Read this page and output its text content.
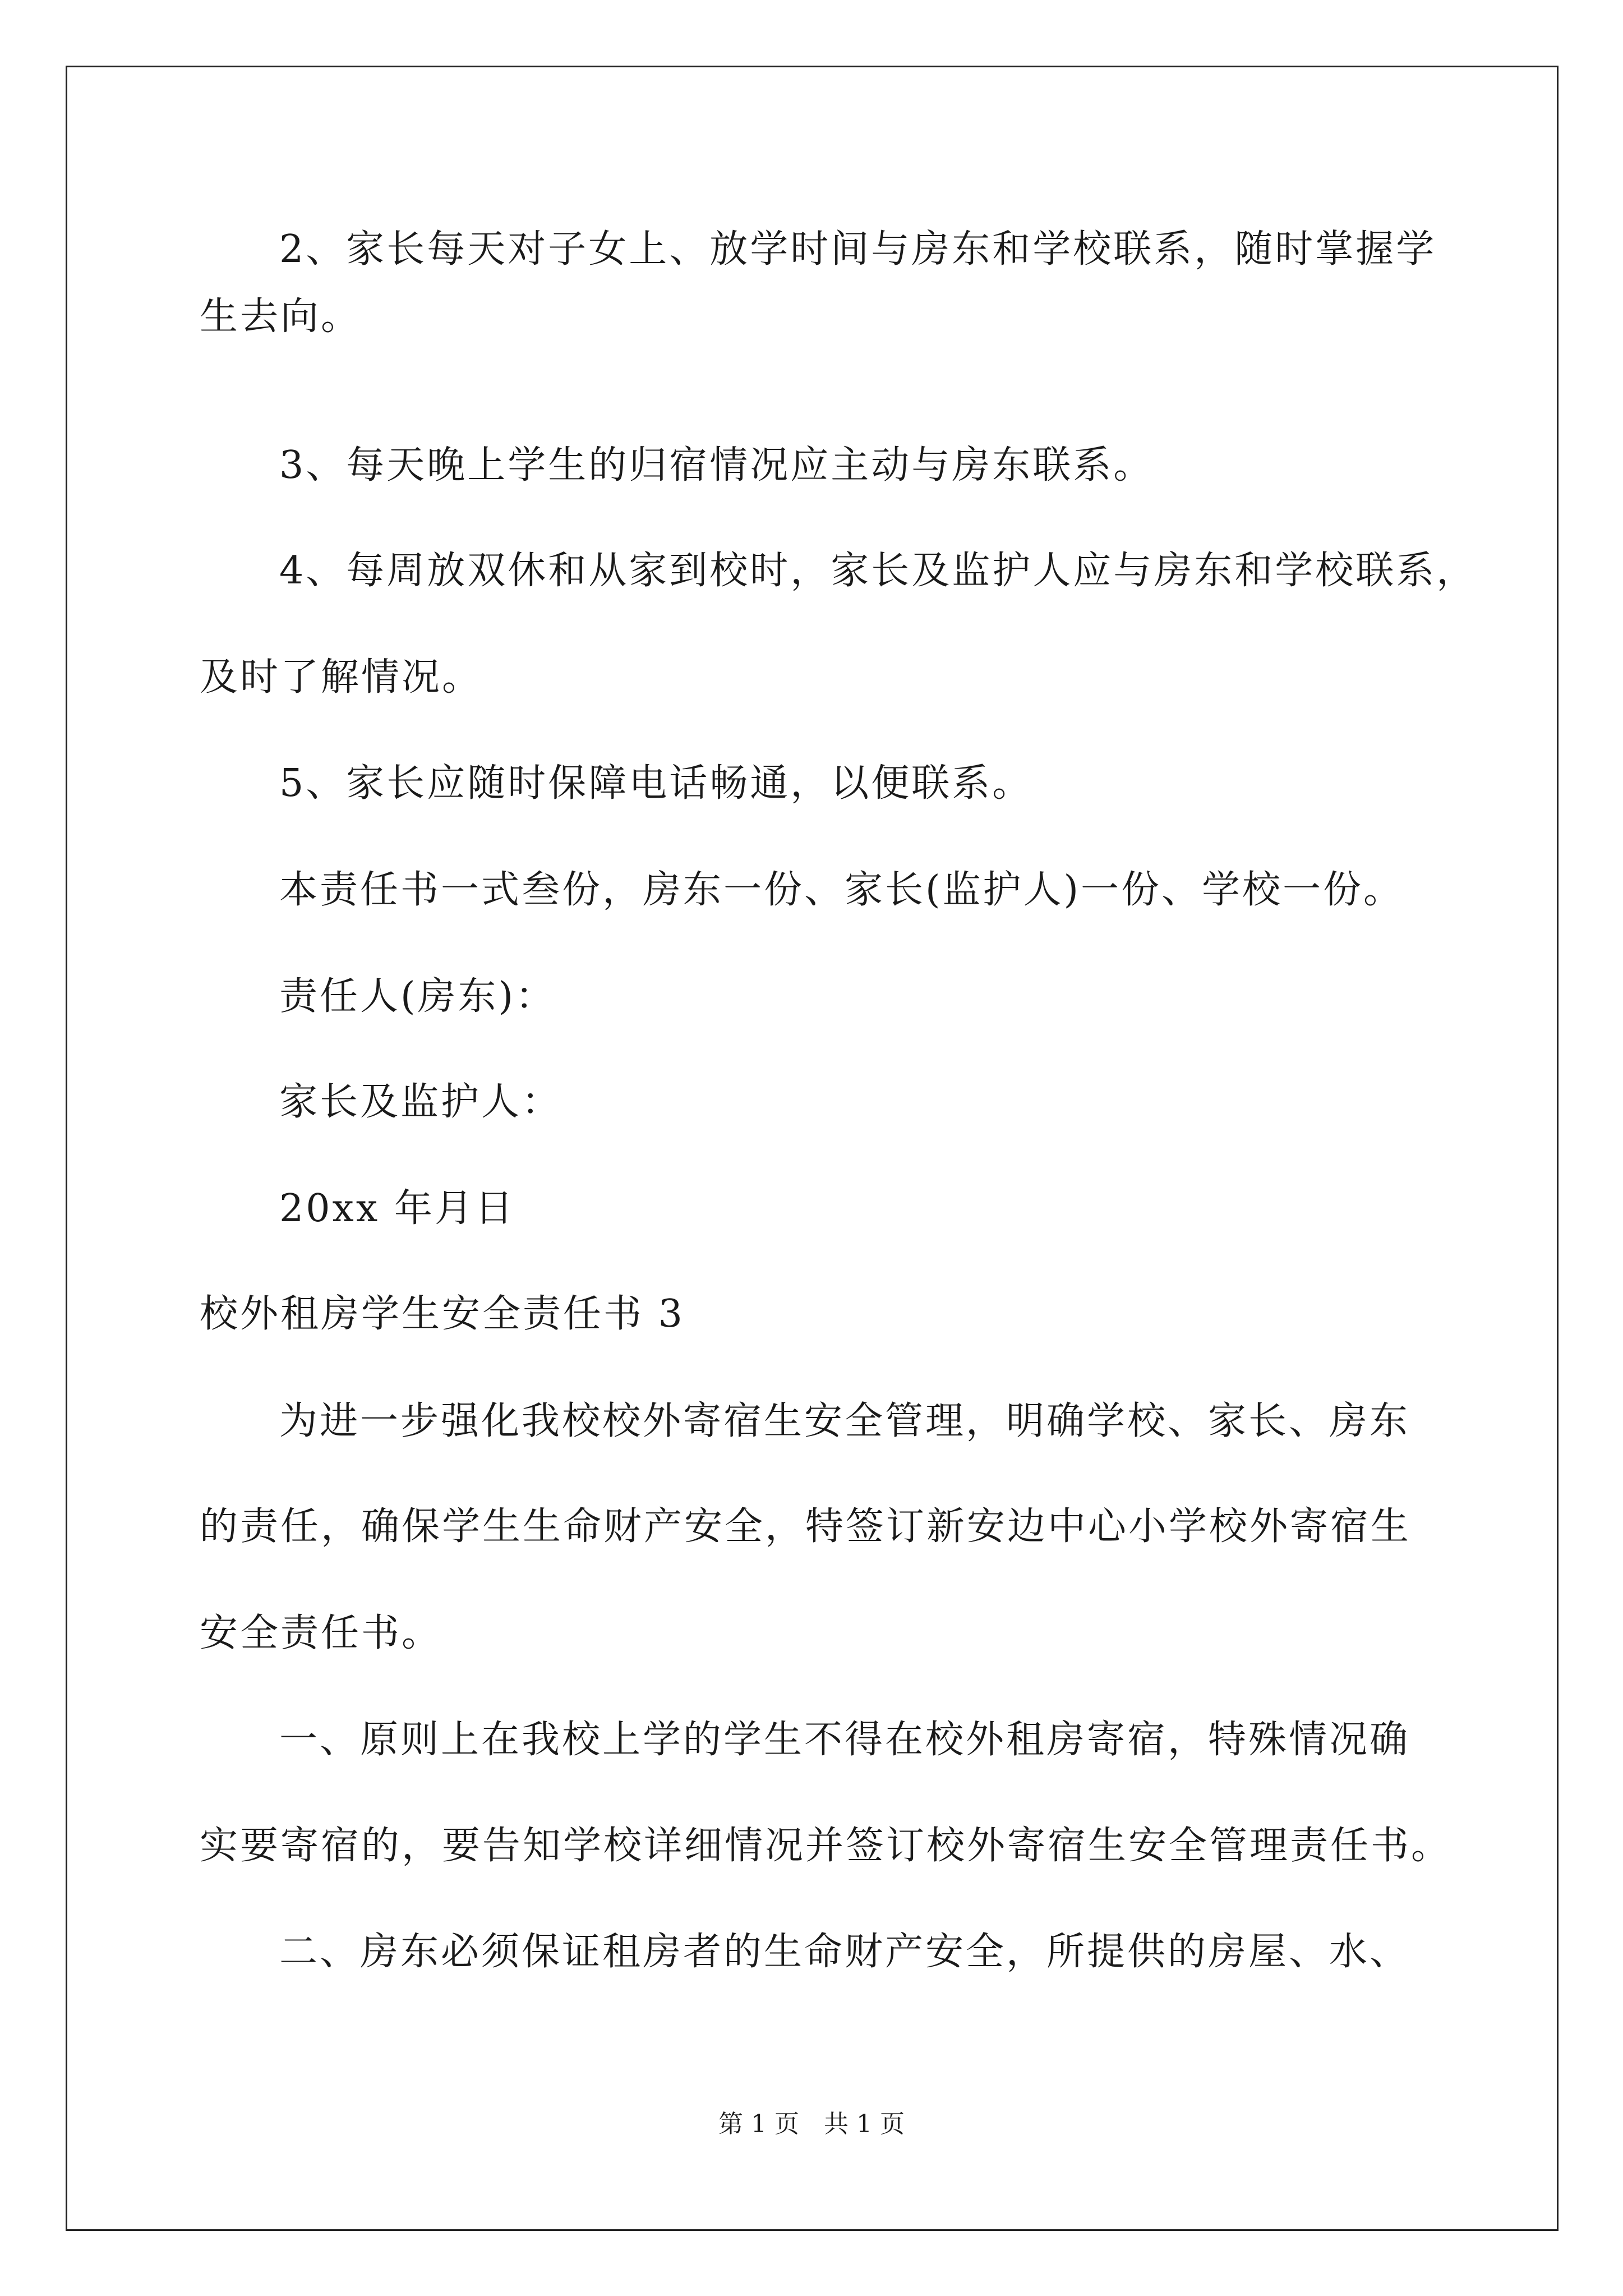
2、家长每天对子女上、放学时间与房东和学校联系，随时掌握学
生去向。
3、每天晚上学生的归宿情况应主动与房东联系。
4、每周放双休和从家到校时，家长及监护人应与房东和学校联系，
及时了解情况。
5、家长应随时保障电话畅通，以便联系。
本责任书一式叁份，房东一份、家长(监护人)一份、学校一份。
责任人(房东)：
家长及监护人：
20xx 年月日
校外租房学生安全责任书 3
为进一步强化我校校外寄宿生安全管理，明确学校、家长、房东
的责任，确保学生生命财产安全，特签订新安边中心小学校外寄宿生
安全责任书。
一、原则上在我校上学的学生不得在校外租房寄宿，特殊情况确
实要寄宿的，要告知学校详细情况并签订校外寄宿生安全管理责任书。
二、房东必须保证租房者的生命财产安全，所提供的房屋、水、
第 1 页　共 1 页
